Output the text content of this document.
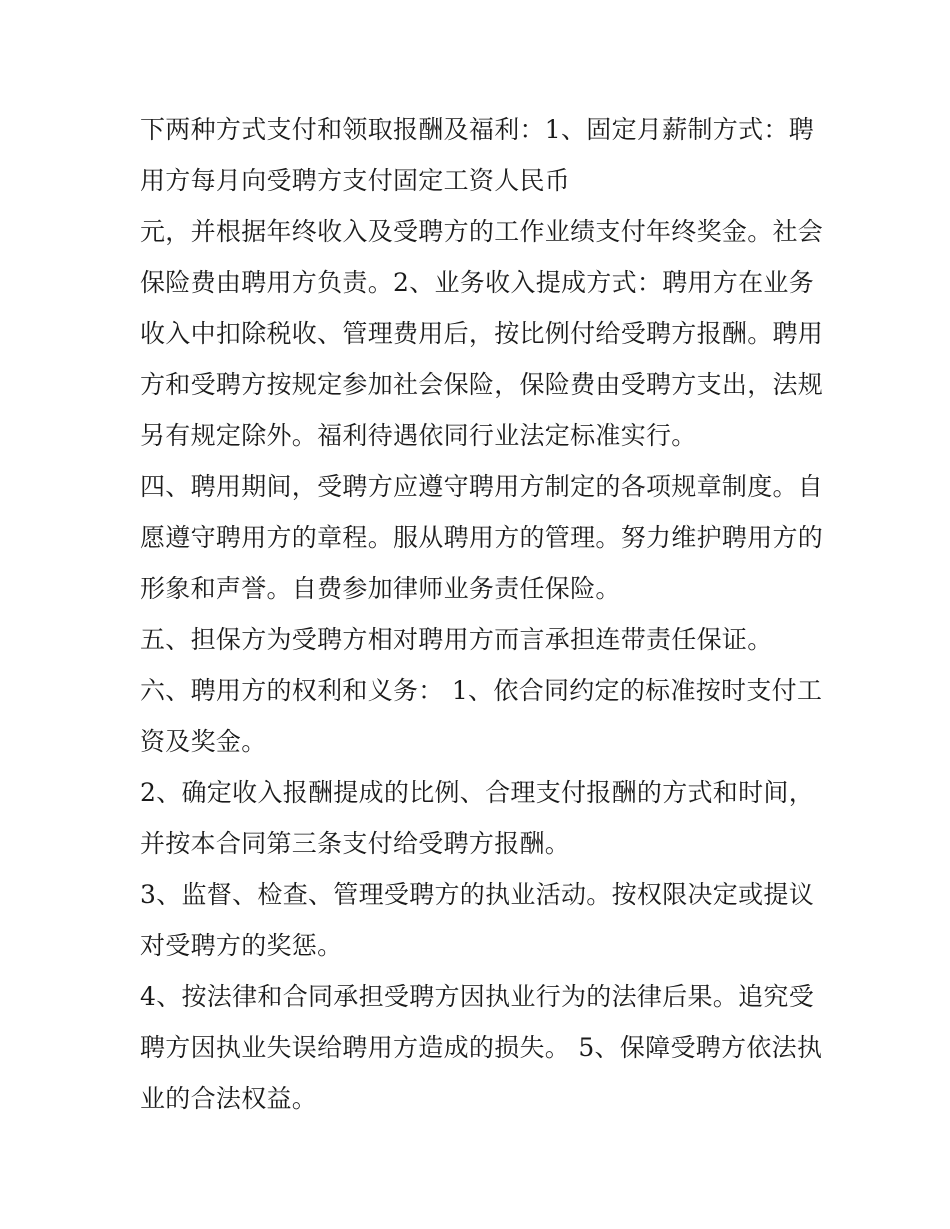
下两种方式支付和领取报酬及福利：1、固定月薪制方式：聘
用方每月向受聘方支付固定工资人民币
元，并根据年终收入及受聘方的工作业绩支付年终奖金。社会
保险费由聘用方负责。2、业务收入提成方式：聘用方在业务
收入中扣除税收、管理费用后，按比例付给受聘方报酬。聘用
方和受聘方按规定参加社会保险，保险费由受聘方支出，法规
另有规定除外。福利待遇依同行业法定标准实行。
四、聘用期间，受聘方应遵守聘用方制定的各项规章制度。自
愿遵守聘用方的章程。服从聘用方的管理。努力维护聘用方的
形象和声誉。自费参加律师业务责任保险。
五、担保方为受聘方相对聘用方而言承担连带责任保证。
六、聘用方的权利和义务： 1、依合同约定的标准按时支付工
资及奖金。
2、确定收入报酬提成的比例、合理支付报酬的方式和时间，
并按本合同第三条支付给受聘方报酬。
3、监督、检查、管理受聘方的执业活动。按权限决定或提议
对受聘方的奖惩。
4、按法律和合同承担受聘方因执业行为的法律后果。追究受
聘方因执业失误给聘用方造成的损失。 5、保障受聘方依法执
业的合法权益。
